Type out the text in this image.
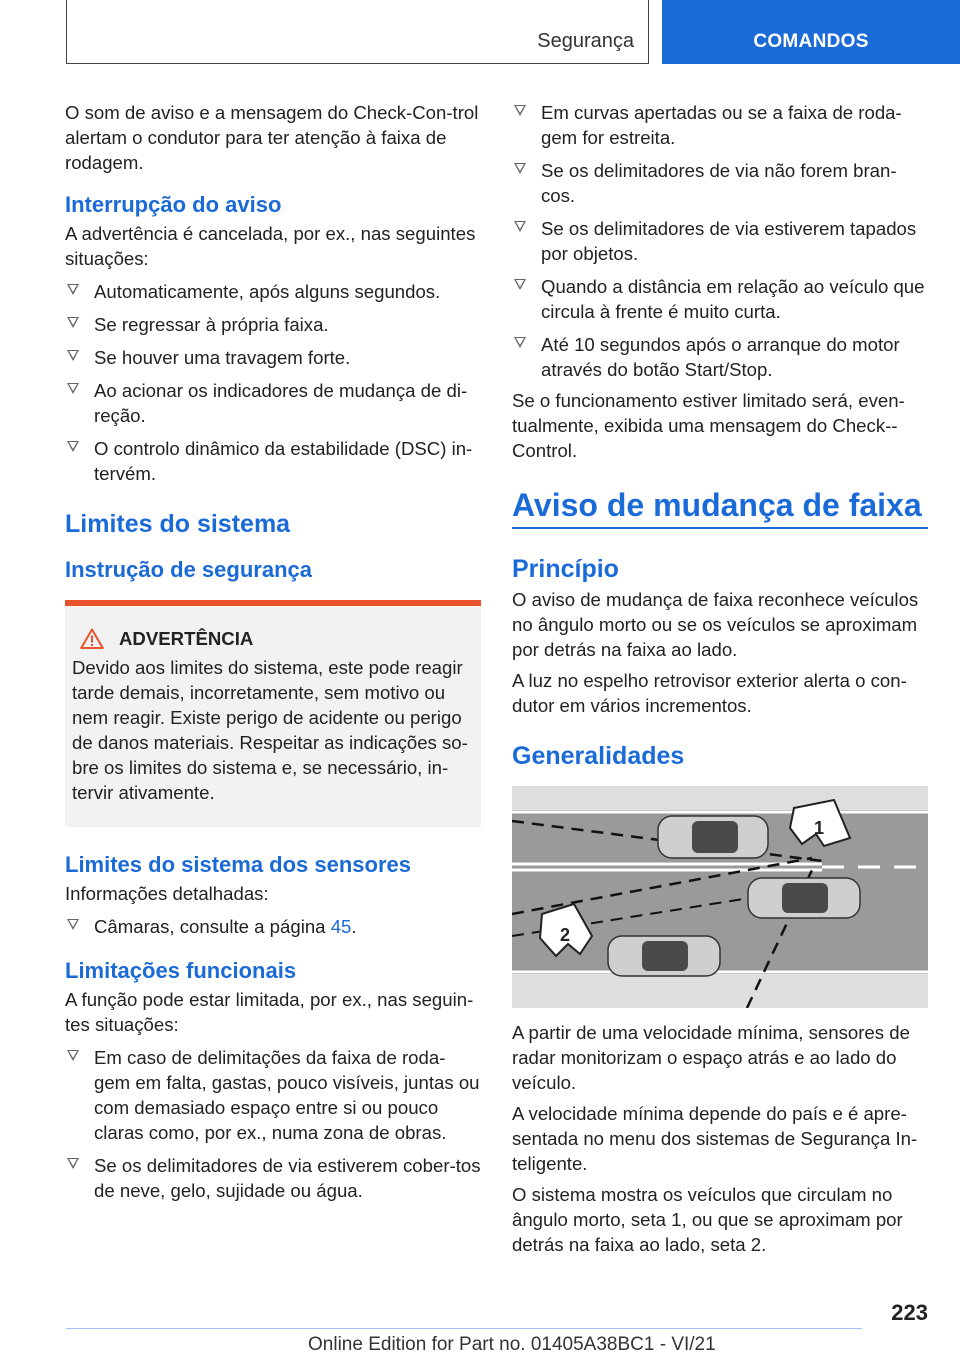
Segurança	COMANDOS

O som de aviso e a mensagem do Check-Con-trol alertam o condutor para ter atenção à faixa de rodagem.

Interrupção do aviso

A advertência é cancelada, por ex., nas seguintes situações:

Automaticamente, após alguns segundos.
Se regressar à própria faixa.
Se houver uma travagem forte.
Ao acionar os indicadores de mudança de di-reção.
O controlo dinâmico da estabilidade (DSC) in-tervém.
Limites do sistema
Instrução de segurança
ADVERTÊNCIA

Devido aos limites do sistema, este pode reagir tarde demais, incorretamente, sem motivo ou nem reagir. Existe perigo de acidente ou perigo de danos materiais. Respeitar as indicações so-bre os limites do sistema e, se necessário, in-tervir ativamente.

Limites do sistema dos sensores

Informações detalhadas:

Câmaras, consulte a página 45.
Limitações funcionais

A função pode estar limitada, por ex., nas seguin-tes situações:

Em caso de delimitações da faixa de roda-gem em falta, gastas, pouco visíveis, juntas ou com demasiado espaço entre si ou pouco claras como, por ex., numa zona de obras.
Se os delimitadores de via estiverem cober-tos de neve, gelo, sujidade ou água.
Em curvas apertadas ou se a faixa de roda-gem for estreita.
Se os delimitadores de via não forem bran-cos.
Se os delimitadores de via estiverem tapados por objetos.
Quando a distância em relação ao veículo que circula à frente é muito curta.
Até 10 segundos após o arranque do motor através do botão Start/Stop.

Se o funcionamento estiver limitado será, even-tualmente, exibida uma mensagem do Check--Control.

Aviso de mudança de faixa
Princípio

O aviso de mudança de faixa reconhece veículos no ângulo morto ou se os veículos se aproximam por detrás na faixa ao lado.

A luz no espelho retrovisor exterior alerta o con-dutor em vários incrementos.

Generalidades
1
2

A partir de uma velocidade mínima, sensores de radar monitorizam o espaço atrás e ao lado do veículo.

A velocidade mínima depende do país e é apre-sentada no menu dos sistemas de Segurança In-teligente.

O sistema mostra os veículos que circulam no ângulo morto, seta 1, ou que se aproximam por detrás na faixa ao lado, seta 2.

223
Online Edition for Part no. 01405A38BC1 - VI/21
